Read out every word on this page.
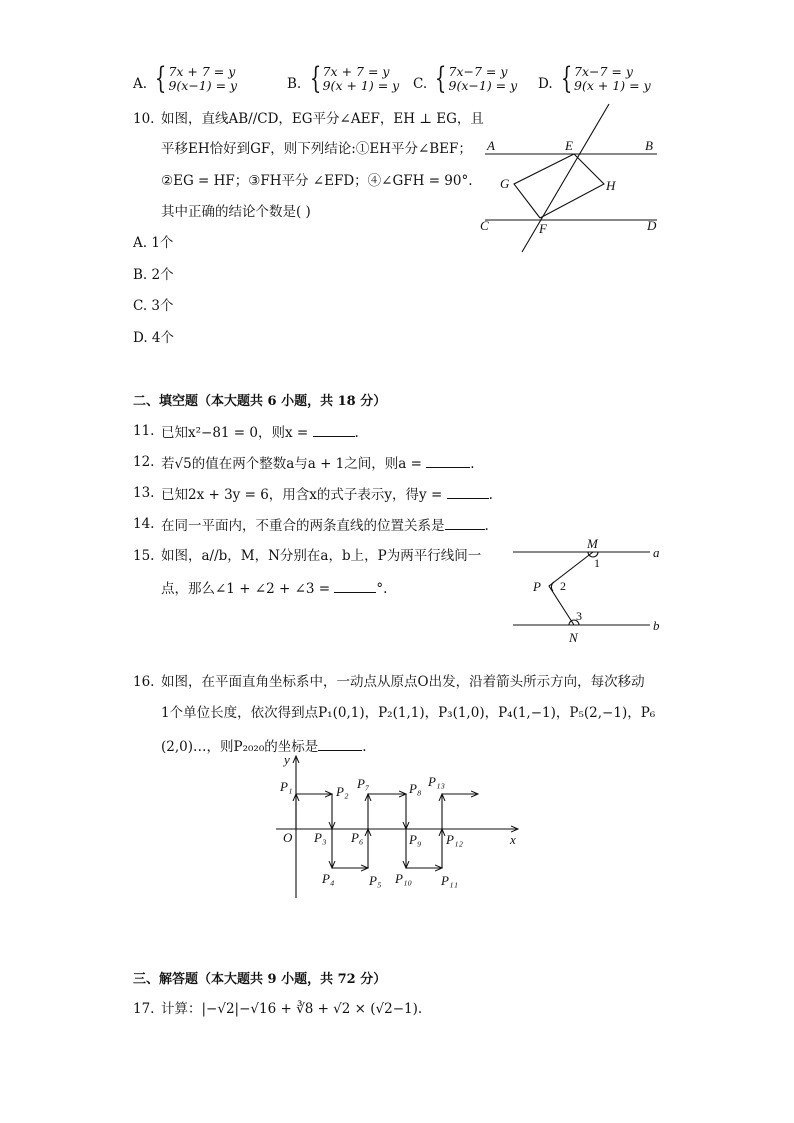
A. { 7x + 7 = y
9(x−1) = y	B. { 7x + 7 = y
9(x + 1) = y C. { 7x−7 = y
9(x−1) = y D. { 7x−7 = y
9(x + 1) = y
10. 如图，直线AB//CD，EG平分∠AEF，EH ⊥ EG，且
平移EH恰好到GF，则下列结论:①EH平分∠BEF；
②EG = HF；③FH平分 ∠EFD；④∠GFH = 90°.
其中正确的结论个数是( )
A. 1个
B. 2个
C. 3个
D. 4个
A	B
C	D
E
F
G	H
二、填空题（本大题共 6 小题，共 18 分）
11. 已知x²−81 = 0，则x =	.
12. 若√5的值在两个整数a与a + 1之间，则a =	.
13. 已知2x + 3y = 6，用含x的式子表示y，得y =	.
14. 在同一平面内，不重合的两条直线的位置关系是	.
15. 如图，a//b，M，N分别在a，b上，P为两平行线间一
点，那么∠1 + ∠2 + ∠3 =	°.
M
N
P
a
b
1
2
3
16. 如图，在平面直角坐标系中，一动点从原点O出发，沿着箭头所示方向，每次移动
1个单位长度，依次得到点P₁(0,1)，P₂(1,1)，P₃(1,0)，P₄(1,−1)，P₅(2,−1)，P₆
(2,0)…，则P₂₀₂₀的坐标是	.
y
x
O
P₁	P₂
P₃
P₄	P₅
P₆
P₇	P₈
P₉
P₁₀ P₁₁
P₁₂
P₁₃
三、解答题（本大题共 9 小题，共 72 分）
17. 计算：|−√2|−√16 + ∛8 + √2 × (√2−1).
